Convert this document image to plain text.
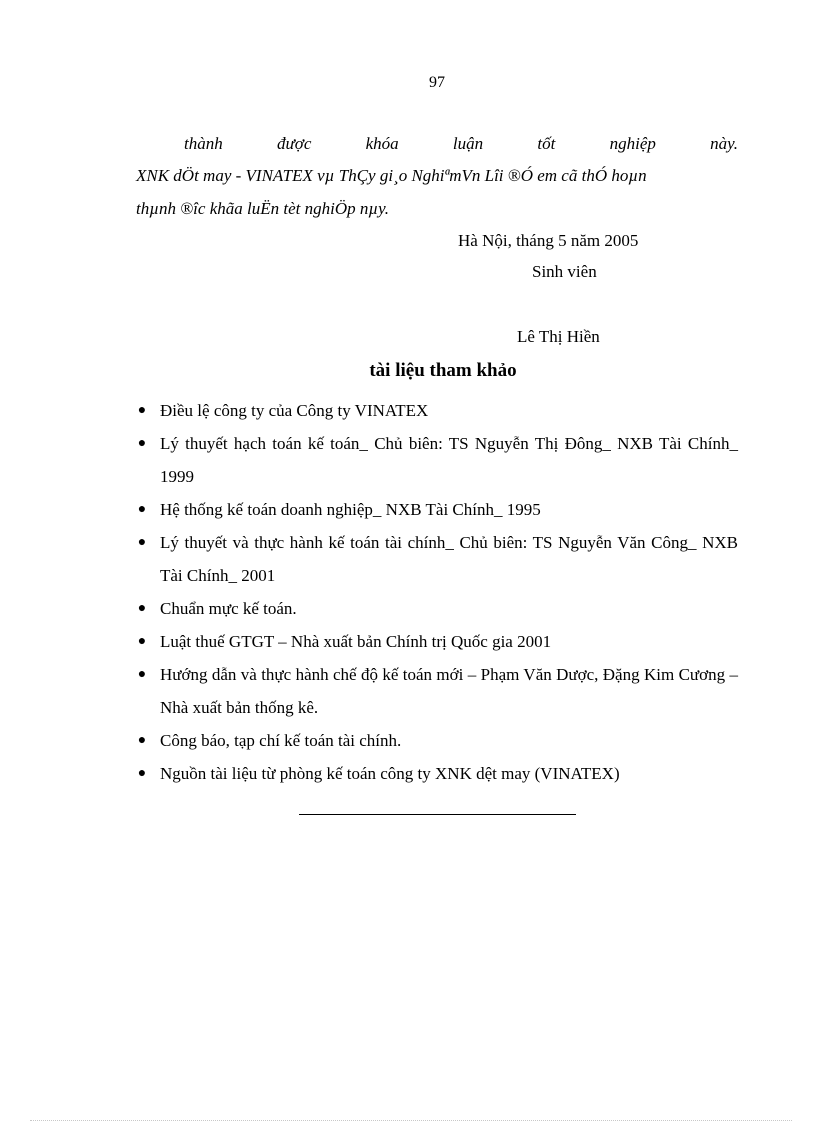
97
thành được khóa luận tốt nghiệp này.
XNK dÖt may - VINATEX vµ ThÇy gi¸o NghiªmVn Lîi ®Ó em cã thÓ hoµn
thµnh ®îc khãa luËn tèt nghiÖp nµy.
Hà Nội, tháng 5 năm 2005
Sinh viên
Lê Thị Hiền
tài liệu tham khảo
● Điều lệ công ty của Công ty VINATEX
● Lý thuyết hạch toán kế toán_ Chủ biên: TS Nguyễn Thị Đông_ NXB Tài Chính_ 1999
● Hệ thống kế toán doanh nghiệp_ NXB Tài Chính_ 1995
● Lý thuyết và thực hành kế toán tài chính_ Chủ biên: TS Nguyễn Văn Công_ NXB Tài Chính_ 2001
● Chuẩn mực kế toán.
● Luật thuế GTGT – Nhà xuất bản Chính trị Quốc gia 2001
● Hướng dẫn và thực hành chế độ kế toán mới – Phạm Văn Dược, Đặng Kim Cương – Nhà xuất bản thống kê.
● Công báo, tạp chí kế toán tài chính.
● Nguồn tài liệu từ phòng kế toán công ty XNK dệt may (VINATEX)
